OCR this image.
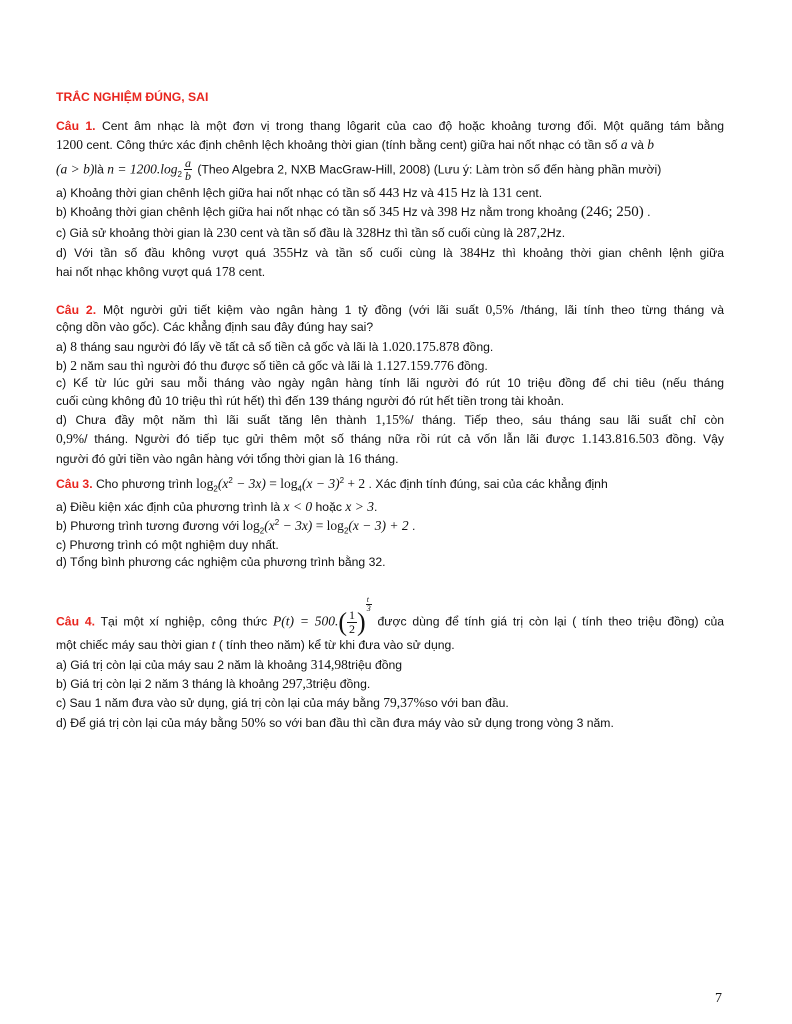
TRẮC NGHIỆM ĐÚNG, SAI
Câu 1. Cent âm nhạc là một đơn vị trong thang lôgarit của cao độ hoặc khoảng tương đối. Một quãng tám bằng
1200 cent. Công thức xác định chênh lệch khoảng thời gian (tính bằng cent) giữa hai nốt nhạc có tần số a và b
(a > b)là $n = 1200.\log_2 \frac{a}{b}$ (Theo Algebra 2, NXB MacGraw-Hill, 2008) (Lưu ý: Làm tròn số đến hàng phần mười)
a) Khoảng thời gian chênh lệch giữa hai nốt nhạc có tần số 443 Hz và 415 Hz là 131 cent.
b) Khoảng thời gian chênh lệch giữa hai nốt nhạc có tần số 345 Hz và 398 Hz nằm trong khoảng (246; 250) .
c) Giả sử khoảng thời gian là 230 cent và tần số đầu là 328Hz thì tần số cuối cùng là 287,2Hz.
d) Với tần số đầu không vượt quá 355Hz và tần số cuối cùng là 384Hz thì khoảng thời gian chênh lệnh giữa
hai nốt nhạc không vượt quá 178 cent.
Câu 2. Một người gửi tiết kiệm vào ngân hàng 1 tỷ đồng (với lãi suất 0,5% /tháng, lãi tính theo từng tháng và
cộng dồn vào gốc). Các khẳng định sau đây đúng hay sai?
a) 8 tháng sau người đó lấy về tất cả số tiền cả gốc và lãi là 1.020.175.878 đồng.
b) 2 năm sau thì người đó thu được số tiền cả gốc và lãi là 1.127.159.776 đồng.
c) Kể từ lúc gửi sau mỗi tháng vào ngày ngân hàng tính lãi người đó rút 10 triệu đồng để chi tiêu (nếu tháng
cuối cùng không đủ 10 triệu thì rút hết) thì đến 139 tháng người đó rút hết tiền trong tài khoản.
d) Chưa đầy một năm thì lãi suất tăng lên thành 1,15%/ tháng. Tiếp theo, sáu tháng sau lãi suất chỉ còn
0,9%/ tháng. Người đó tiếp tục gửi thêm một số tháng nữa rồi rút cả vốn lẫn lãi được 1.143.816.503 đồng. Vậy
người đó gửi tiền vào ngân hàng với tổng thời gian là 16 tháng.
Câu 3. Cho phương trình $\log_2(x^2 - 3x) = \log_4(x - 3)^2 + 2$ . Xác định tính đúng, sai của các khẳng định
a) Điều kiện xác định của phương trình là x < 0 hoặc x > 3.
b) Phương trình tương đương với $\log_2(x^2 - 3x) = \log_2(x - 3) + 2$ .
c) Phương trình có một nghiệm duy nhất.
d) Tổng bình phương các nghiệm của phương trình bằng 32.
Câu 4. Tại một xí nghiệp, công thức $P(t) = 500.( \frac{1}{2}$ )
$^{\frac{t}{3}}$
được dùng để tính giá trị còn lại ( tính theo triệu đồng) của
một chiếc máy sau thời gian t ( tính theo năm) kể từ khi đưa vào sử dụng.
a) Giá trị còn lại của máy sau 2 năm là khoảng 314,98triệu đồng
b) Giá trị còn lại 2 năm 3 tháng là khoảng 297,3triệu đồng.
c) Sau 1 năm đưa vào sử dụng, giá trị còn lại của máy bằng 79,37%so với ban đầu.
d) Để giá trị còn lại của máy bằng 50% so với ban đầu thì cần đưa máy vào sử dụng trong vòng 3 năm.
7
